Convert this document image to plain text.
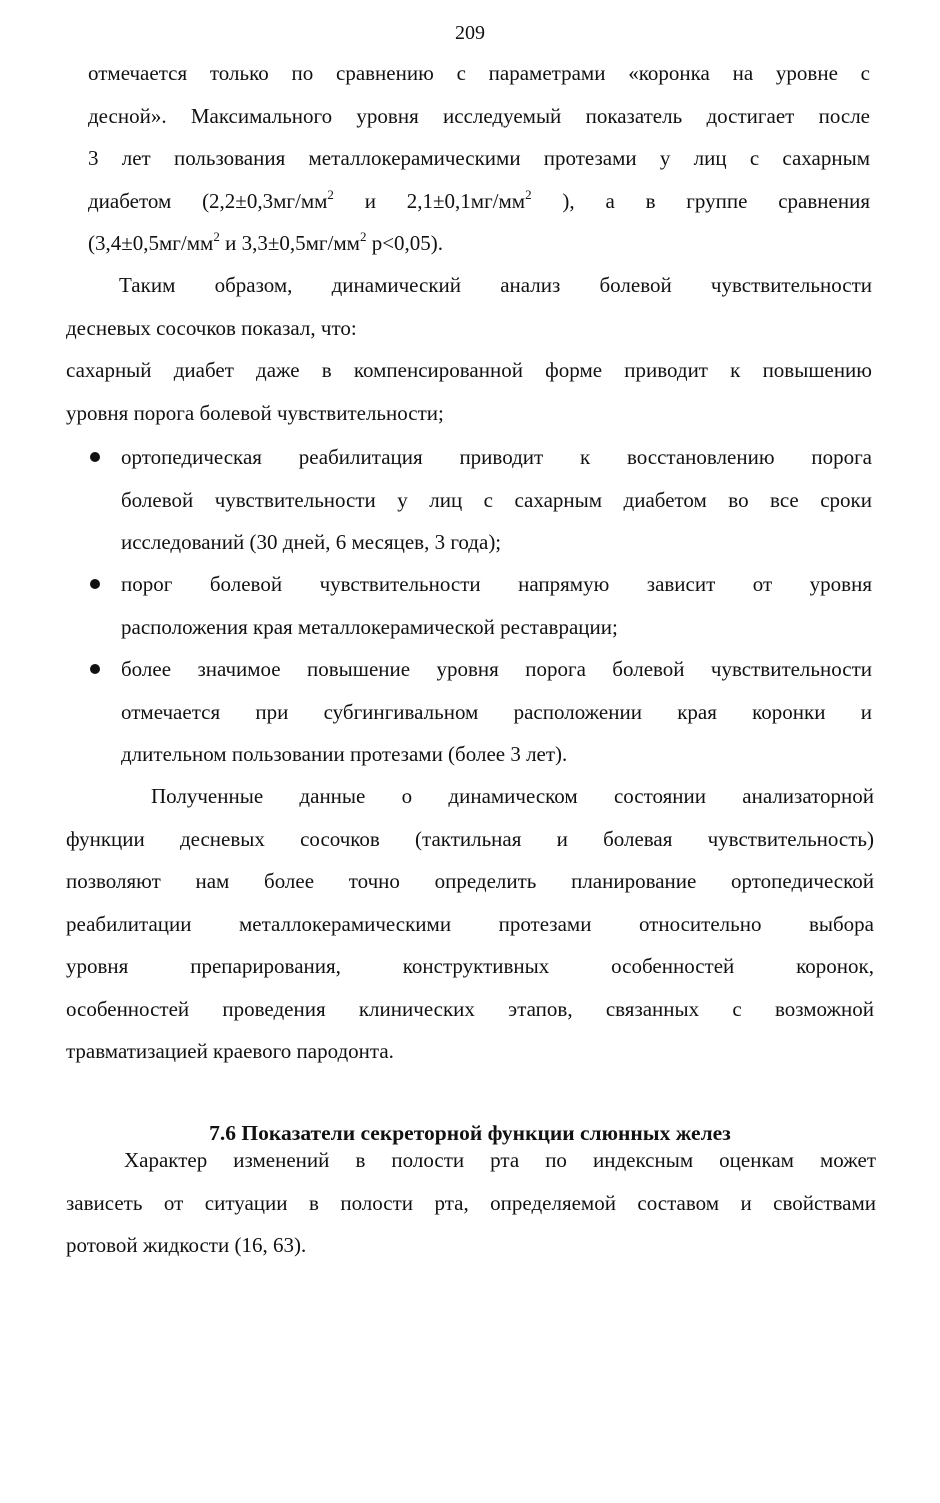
209
отмечается только по сравнению с параметрами «коронка на уровне с
десной». Максимального уровня исследуемый показатель достигает после
3 лет пользования металлокерамическими протезами у лиц с сахарным
диабетом ($2,2\pm 0,3мг/мм^2$ и $2,1\pm 0,1мг/мм^2$ ), а в группе сравнения
($3,4\pm 0,5мг/мм^2$ и $3,3\pm 0,5мг/мм^2$ p<0,05).
Таким образом, динамический анализ болевой чувствительности
десневых сосочков показал, что:
сахарный диабет даже в компенсированной форме приводит к повышению
уровня порога болевой чувствительности;
ортопедическая реабилитация приводит к восстановлению порога
болевой чувствительности у лиц с сахарным диабетом во все сроки
исследований (30 дней, 6 месяцев, 3 года);
порог болевой чувствительности напрямую зависит от уровня
расположения края металлокерамической реставрации;
более значимое повышение уровня порога болевой чувствительности
отмечается при субгингивальном расположении края коронки и
длительном пользовании протезами (более 3 лет).
Полученные данные о динамическом состоянии анализаторной
функции десневых сосочков (тактильная и болевая чувствительность)
позволяют нам более точно определить планирование ортопедической
реабилитации металлокерамическими протезами относительно выбора
уровня препарирования, конструктивных особенностей коронок,
особенностей проведения клинических этапов, связанных с возможной
травматизацией краевого пародонта.
7.6 Показатели секреторной функции слюнных желез
Характер изменений в полости рта по индексным оценкам может
зависеть от ситуации в полости рта, определяемой составом и свойствами
ротовой жидкости (16, 63).
